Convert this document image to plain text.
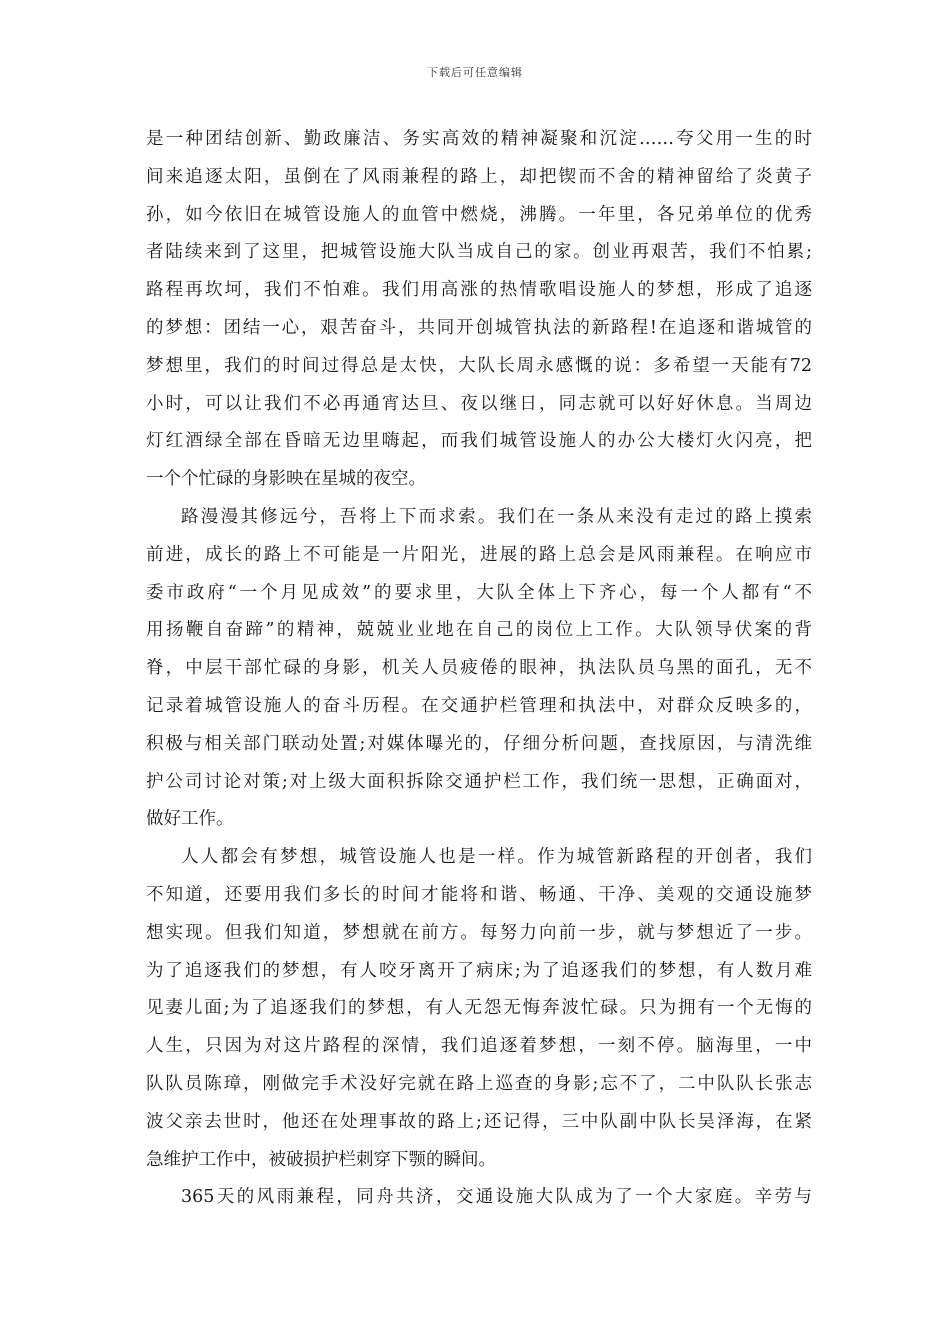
下载后可任意编辑
是一种团结创新、勤政廉洁、务实高效的精神凝聚和沉淀……夸父用一生的时
间来追逐太阳，虽倒在了风雨兼程的路上，却把锲而不舍的精神留给了炎黄子
孙，如今依旧在城管设施人的血管中燃烧，沸腾。一年里，各兄弟单位的优秀
者陆续来到了这里，把城管设施大队当成自己的家。创业再艰苦，我们不怕累;
路程再坎坷，我们不怕难。我们用高涨的热情歌唱设施人的梦想，形成了追逐
的梦想：团结一心，艰苦奋斗，共同开创城管执法的新路程!在追逐和谐城管的
梦想里，我们的时间过得总是太快，大队长周永感慨的说：多希望一天能有72
小时，可以让我们不必再通宵达旦、夜以继日，同志就可以好好休息。当周边
灯红酒绿全部在昏暗无边里嗨起，而我们城管设施人的办公大楼灯火闪亮，把
一个个忙碌的身影映在星城的夜空。
路漫漫其修远兮，吾将上下而求索。我们在一条从来没有走过的路上摸索
前进，成长的路上不可能是一片阳光，进展的路上总会是风雨兼程。在响应市
委市政府“一个月见成效”的要求里，大队全体上下齐心，每一个人都有“不
用扬鞭自奋蹄”的精神，兢兢业业地在自己的岗位上工作。大队领导伏案的背
脊，中层干部忙碌的身影，机关人员疲倦的眼神，执法队员乌黑的面孔，无不
记录着城管设施人的奋斗历程。在交通护栏管理和执法中，对群众反映多的，
积极与相关部门联动处置;对媒体曝光的，仔细分析问题，查找原因，与清洗维
护公司讨论对策;对上级大面积拆除交通护栏工作，我们统一思想，正确面对，
做好工作。
人人都会有梦想，城管设施人也是一样。作为城管新路程的开创者，我们
不知道，还要用我们多长的时间才能将和谐、畅通、干净、美观的交通设施梦
想实现。但我们知道，梦想就在前方。每努力向前一步，就与梦想近了一步。
为了追逐我们的梦想，有人咬牙离开了病床;为了追逐我们的梦想，有人数月难
见妻儿面;为了追逐我们的梦想，有人无怨无悔奔波忙碌。只为拥有一个无悔的
人生，只因为对这片路程的深情，我们追逐着梦想，一刻不停。脑海里，一中
队队员陈璋，刚做完手术没好完就在路上巡查的身影;忘不了，二中队队长张志
波父亲去世时，他还在处理事故的路上;还记得，三中队副中队长吴泽海，在紧
急维护工作中，被破损护栏刺穿下颚的瞬间。
365天的风雨兼程，同舟共济，交通设施大队成为了一个大家庭。辛劳与
